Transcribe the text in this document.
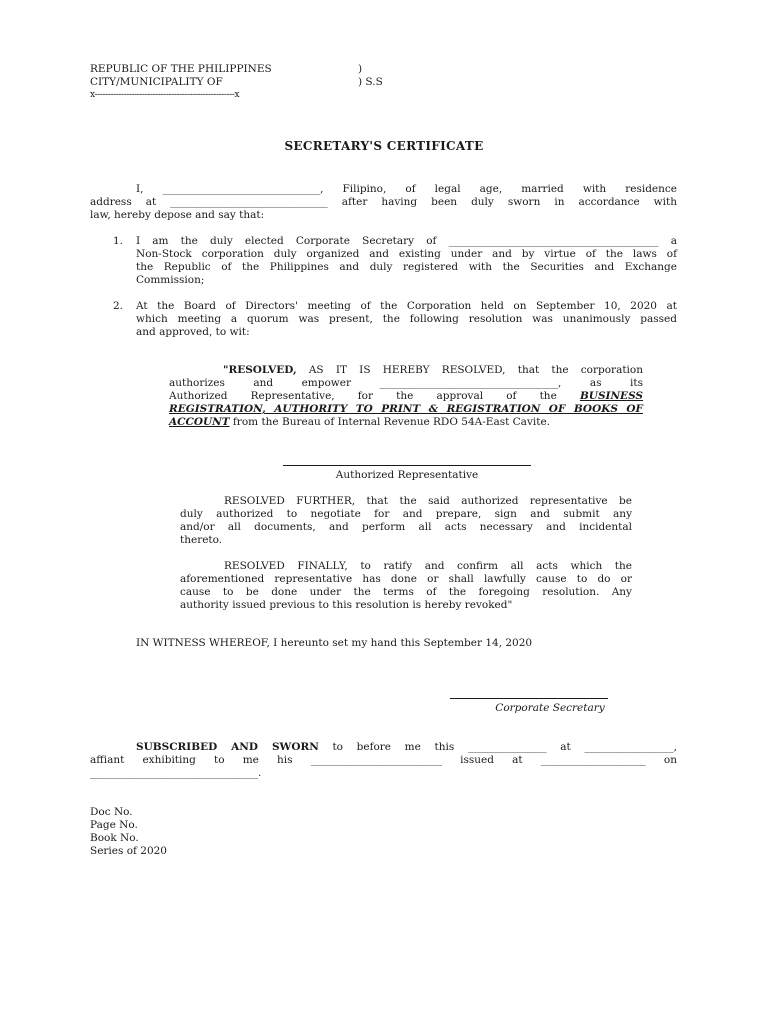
REPUBLIC OF THE PHILIPPINES	)
CITY/MUNICIPALITY OF	) S.S
x-----------------------------------------------------x
SECRETARY'S CERTIFICATE
I, ______________________________, Filipino, of legal age, married with residence
address at ______________________________ after having been duly sworn in accordance with
law, hereby depose and say that:
1. I am the duly elected Corporate Secretary of ________________________________________ a
Non-Stock corporation duly organized and existing under and by virtue of the laws of
the Republic of the Philippines and duly registered with the Securities and Exchange
Commission;
2. At the Board of Directors' meeting of the Corporation held on September 10, 2020 at
which meeting a quorum was present, the following resolution was unanimously passed
and approved, to wit:
"RESOLVED, AS IT IS HEREBY RESOLVED, that the corporation
authorizes and empower	__________________________________,	as its
Authorized Representative, for the approval of the BUSINESS
REGISTRATION, AUTHORITY TO PRINT & REGISTRATION OF BOOKS OF
ACCOUNT from the Bureau of Internal Revenue RDO 54A-East Cavite.
Authorized Representative
RESOLVED FURTHER, that the said authorized representative be
duly authorized to negotiate for and prepare, sign and submit any
and/or all documents, and perform all acts necessary and incidental
thereto.
RESOLVED FINALLY, to ratify and confirm all acts which the
aforementioned representative has done or shall lawfully cause to do or
cause to be done under the terms of the foregoing resolution. Any
authority issued previous to this resolution is hereby revoked"
IN WITNESS WHEREOF, I hereunto set my hand this September 14, 2020
Corporate Secretary
SUBSCRIBED AND SWORN to before me this _______________ at _________________,
affiant exhibiting to me his _________________________ issued at ____________________ on
________________________________.
Doc No.
Page No.
Book No.
Series of 2020
